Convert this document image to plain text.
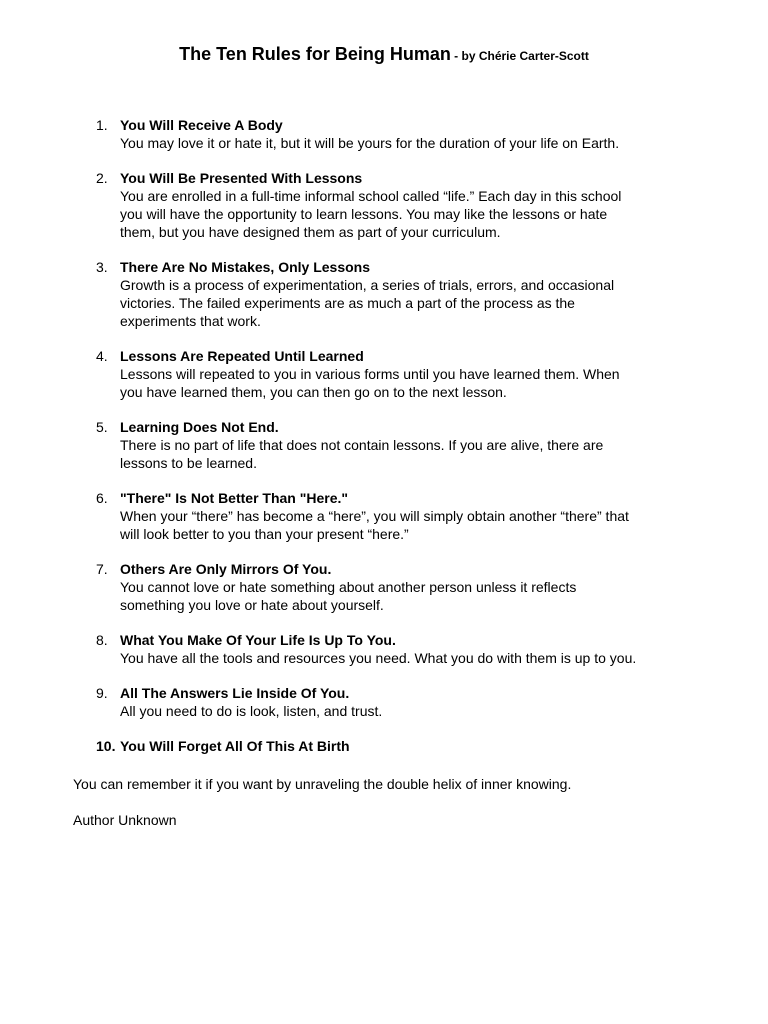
The Ten Rules for Being Human - by Chérie Carter-Scott
1. You Will Receive A Body
You may love it or hate it, but it will be yours for the duration of your life on Earth.
2. You Will Be Presented With Lessons
You are enrolled in a full-time informal school called “life.” Each day in this school
you will have the opportunity to learn lessons. You may like the lessons or hate
them, but you have designed them as part of your curriculum.
3. There Are No Mistakes, Only Lessons
Growth is a process of experimentation, a series of trials, errors, and occasional
victories. The failed experiments are as much a part of the process as the
experiments that work.
4. Lessons Are Repeated Until Learned
Lessons will repeated to you in various forms until you have learned them. When
you have learned them, you can then go on to the next lesson.
5. Learning Does Not End.
There is no part of life that does not contain lessons. If you are alive, there are
lessons to be learned.
6. "There" Is Not Better Than "Here."
When your “there” has become a “here”, you will simply obtain another “there” that
will look better to you than your present “here.”
7. Others Are Only Mirrors Of You.
You cannot love or hate something about another person unless it reflects
something you love or hate about yourself.
8. What You Make Of Your Life Is Up To You.
You have all the tools and resources you need. What you do with them is up to you.
9. All The Answers Lie Inside Of You.
All you need to do is look, listen, and trust.
10. You Will Forget All Of This At Birth
You can remember it if you want by unraveling the double helix of inner knowing.
Author Unknown
